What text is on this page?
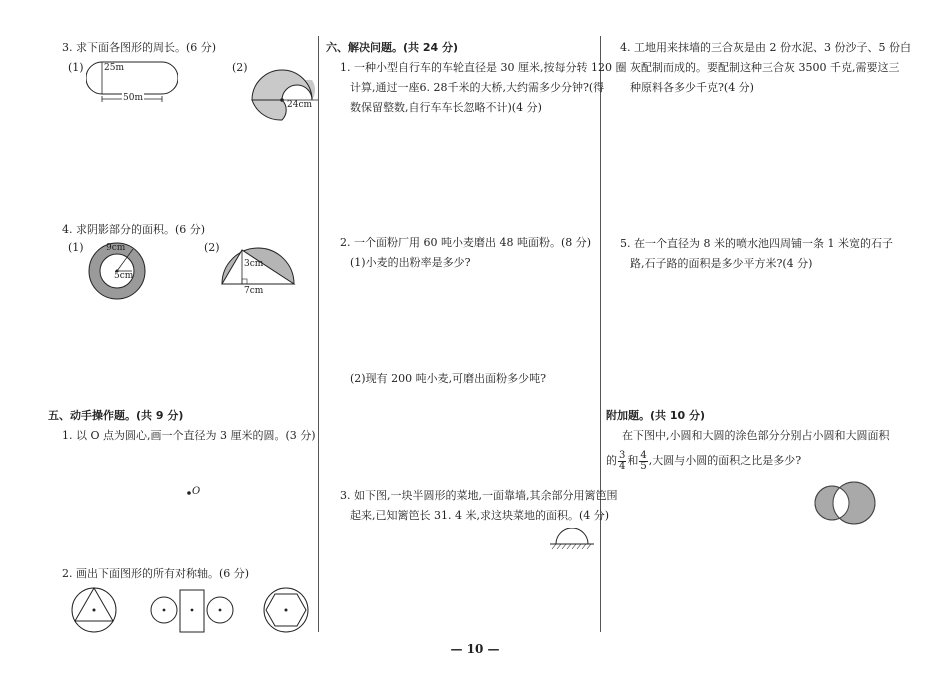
3. 求下面各图形的周长。(6 分)
(1) 25m
50m
(2)
24cm
4. 求阴影部分的面积。(6 分)
(1) 9cm
5cm
(2)
3cm
7cm
五、动手操作题。(共 9 分)
1. 以 O 点为圆心,画一个直径为 3 厘米的圆。(3 分)
O
2. 画出下面图形的所有对称轴。(6 分)
六、解决问题。(共 24 分)
1. 一种小型自行车的车轮直径是 30 厘米,按每分转 120 圈
计算,通过一座6. 28千米的大桥,大约需多少分钟?(得
数保留整数,自行车车长忽略不计)(4 分)
2. 一个面粉厂用 60 吨小麦磨出 48 吨面粉。(8 分)
(1)小麦的出粉率是多少?
(2)现有 200 吨小麦,可磨出面粉多少吨?
3. 如下图,一块半圆形的菜地,一面靠墙,其余部分用篱笆围
起来,已知篱笆长 31. 4 米,求这块菜地的面积。(4 分)
4. 工地用来抹墙的三合灰是由 2 份水泥、3 份沙子、5 份白
灰配制而成的。要配制这种三合灰 3500 千克,需要这三
种原料各多少千克?(4 分)
5. 在一个直径为 8 米的喷水池四周铺一条 1 米宽的石子
路,石子路的面积是多少平方米?(4 分)
附加题。(共 10 分)
在下图中,小圆和大圆的涂色部分分别占小圆和大圆面积
的 $\frac{3}{4}$ 和 $\frac{4}{5}$ ,大圆与小圆的面积之比是多少?
— 10 —
